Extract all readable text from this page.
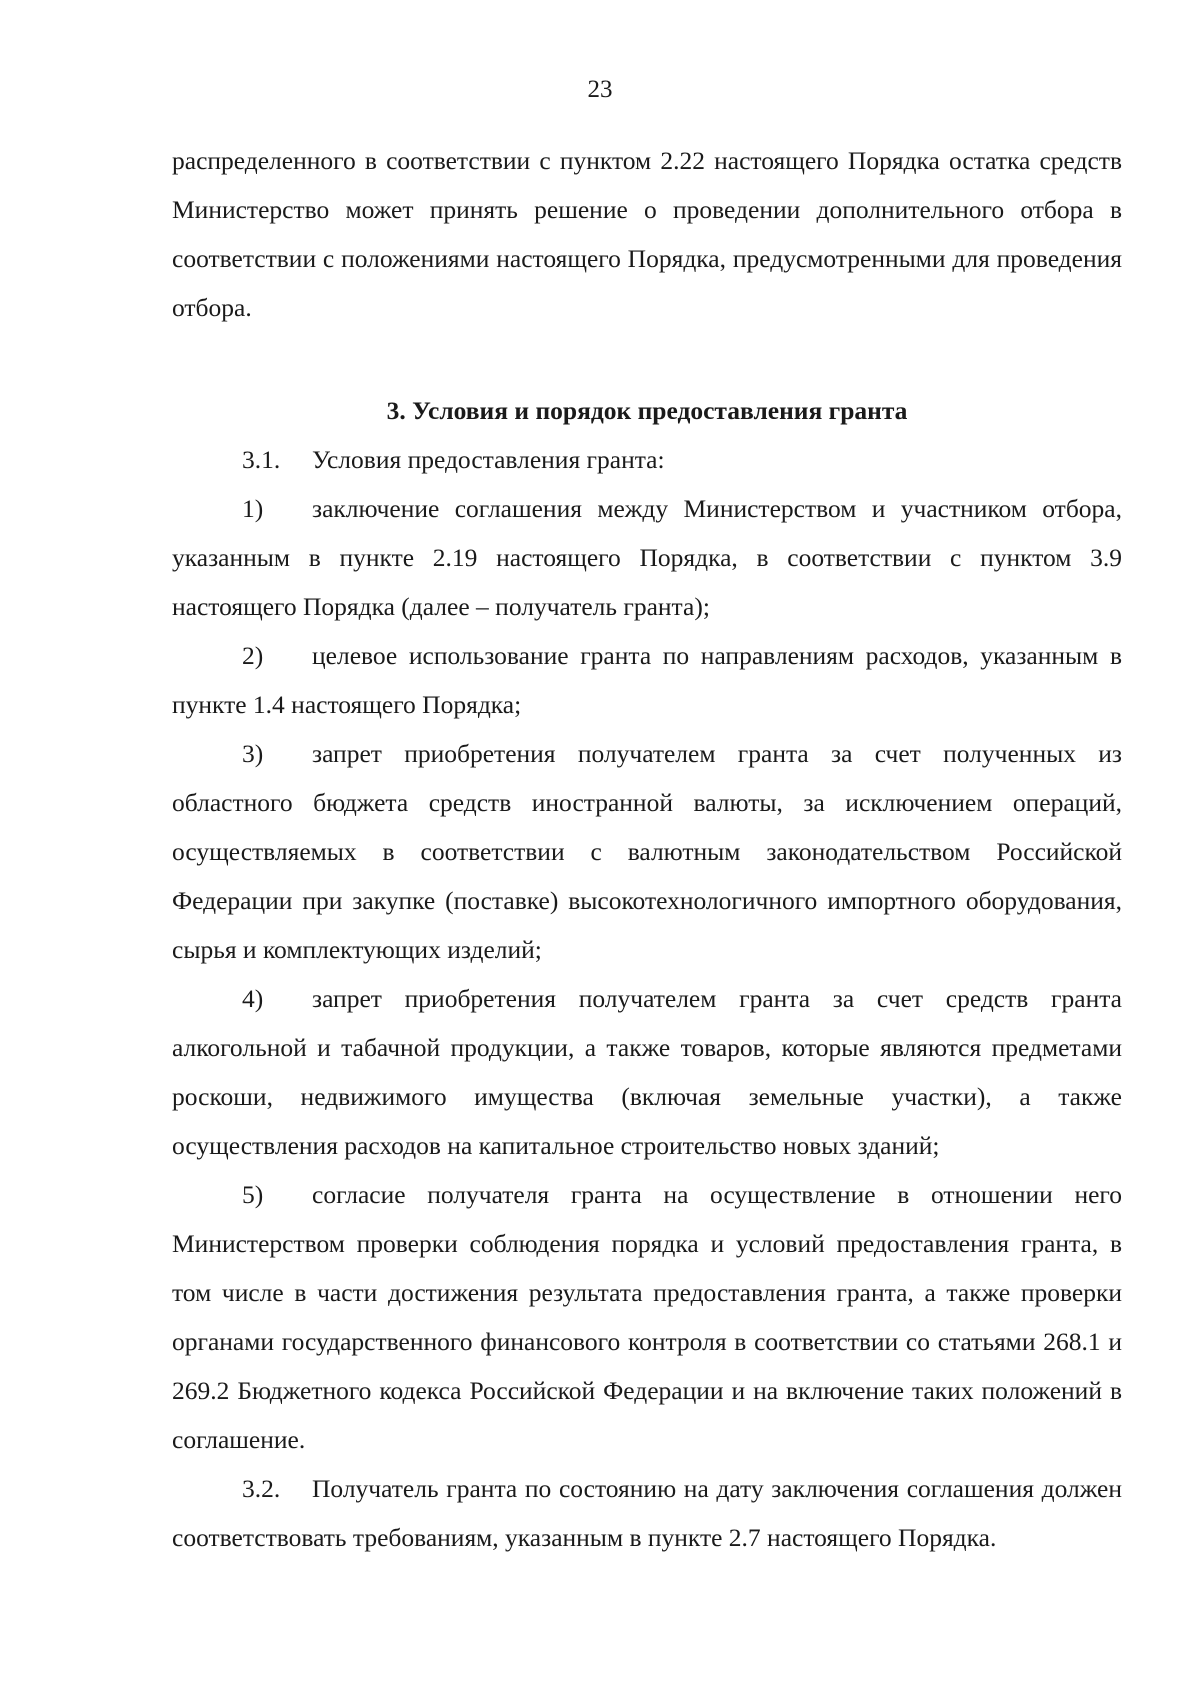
23

распределенного в соответствии с пунктом 2.22 настоящего Порядка остатка средств Министерство может принять решение о проведении дополнительного отбора в соответствии с положениями настоящего Порядка, предусмотренными для проведения отбора.

3. Условия и порядок предоставления гранта

3.1. Условия предоставления гранта:

1) заключение соглашения между Министерством и участником отбора, указанным в пункте 2.19 настоящего Порядка, в соответствии с пунктом 3.9 настоящего Порядка (далее – получатель гранта);

2) целевое использование гранта по направлениям расходов, указанным в пункте 1.4 настоящего Порядка;

3) запрет приобретения получателем гранта за счет полученных из областного бюджета средств иностранной валюты, за исключением операций, осуществляемых в соответствии с валютным законодательством Российской Федерации при закупке (поставке) высокотехнологичного импортного оборудования, сырья и комплектующих изделий;

4) запрет приобретения получателем гранта за счет средств гранта алкогольной и табачной продукции, а также товаров, которые являются предметами роскоши, недвижимого имущества (включая земельные участки), а также осуществления расходов на капитальное строительство новых зданий;

5) согласие получателя гранта на осуществление в отношении него Министерством проверки соблюдения порядка и условий предоставления гранта, в том числе в части достижения результата предоставления гранта, а также проверки органами государственного финансового контроля в соответствии со статьями 268.1 и 269.2 Бюджетного кодекса Российской Федерации и на включение таких положений в соглашение.

3.2. Получатель гранта по состоянию на дату заключения соглашения должен соответствовать требованиям, указанным в пункте 2.7 настоящего Порядка.
